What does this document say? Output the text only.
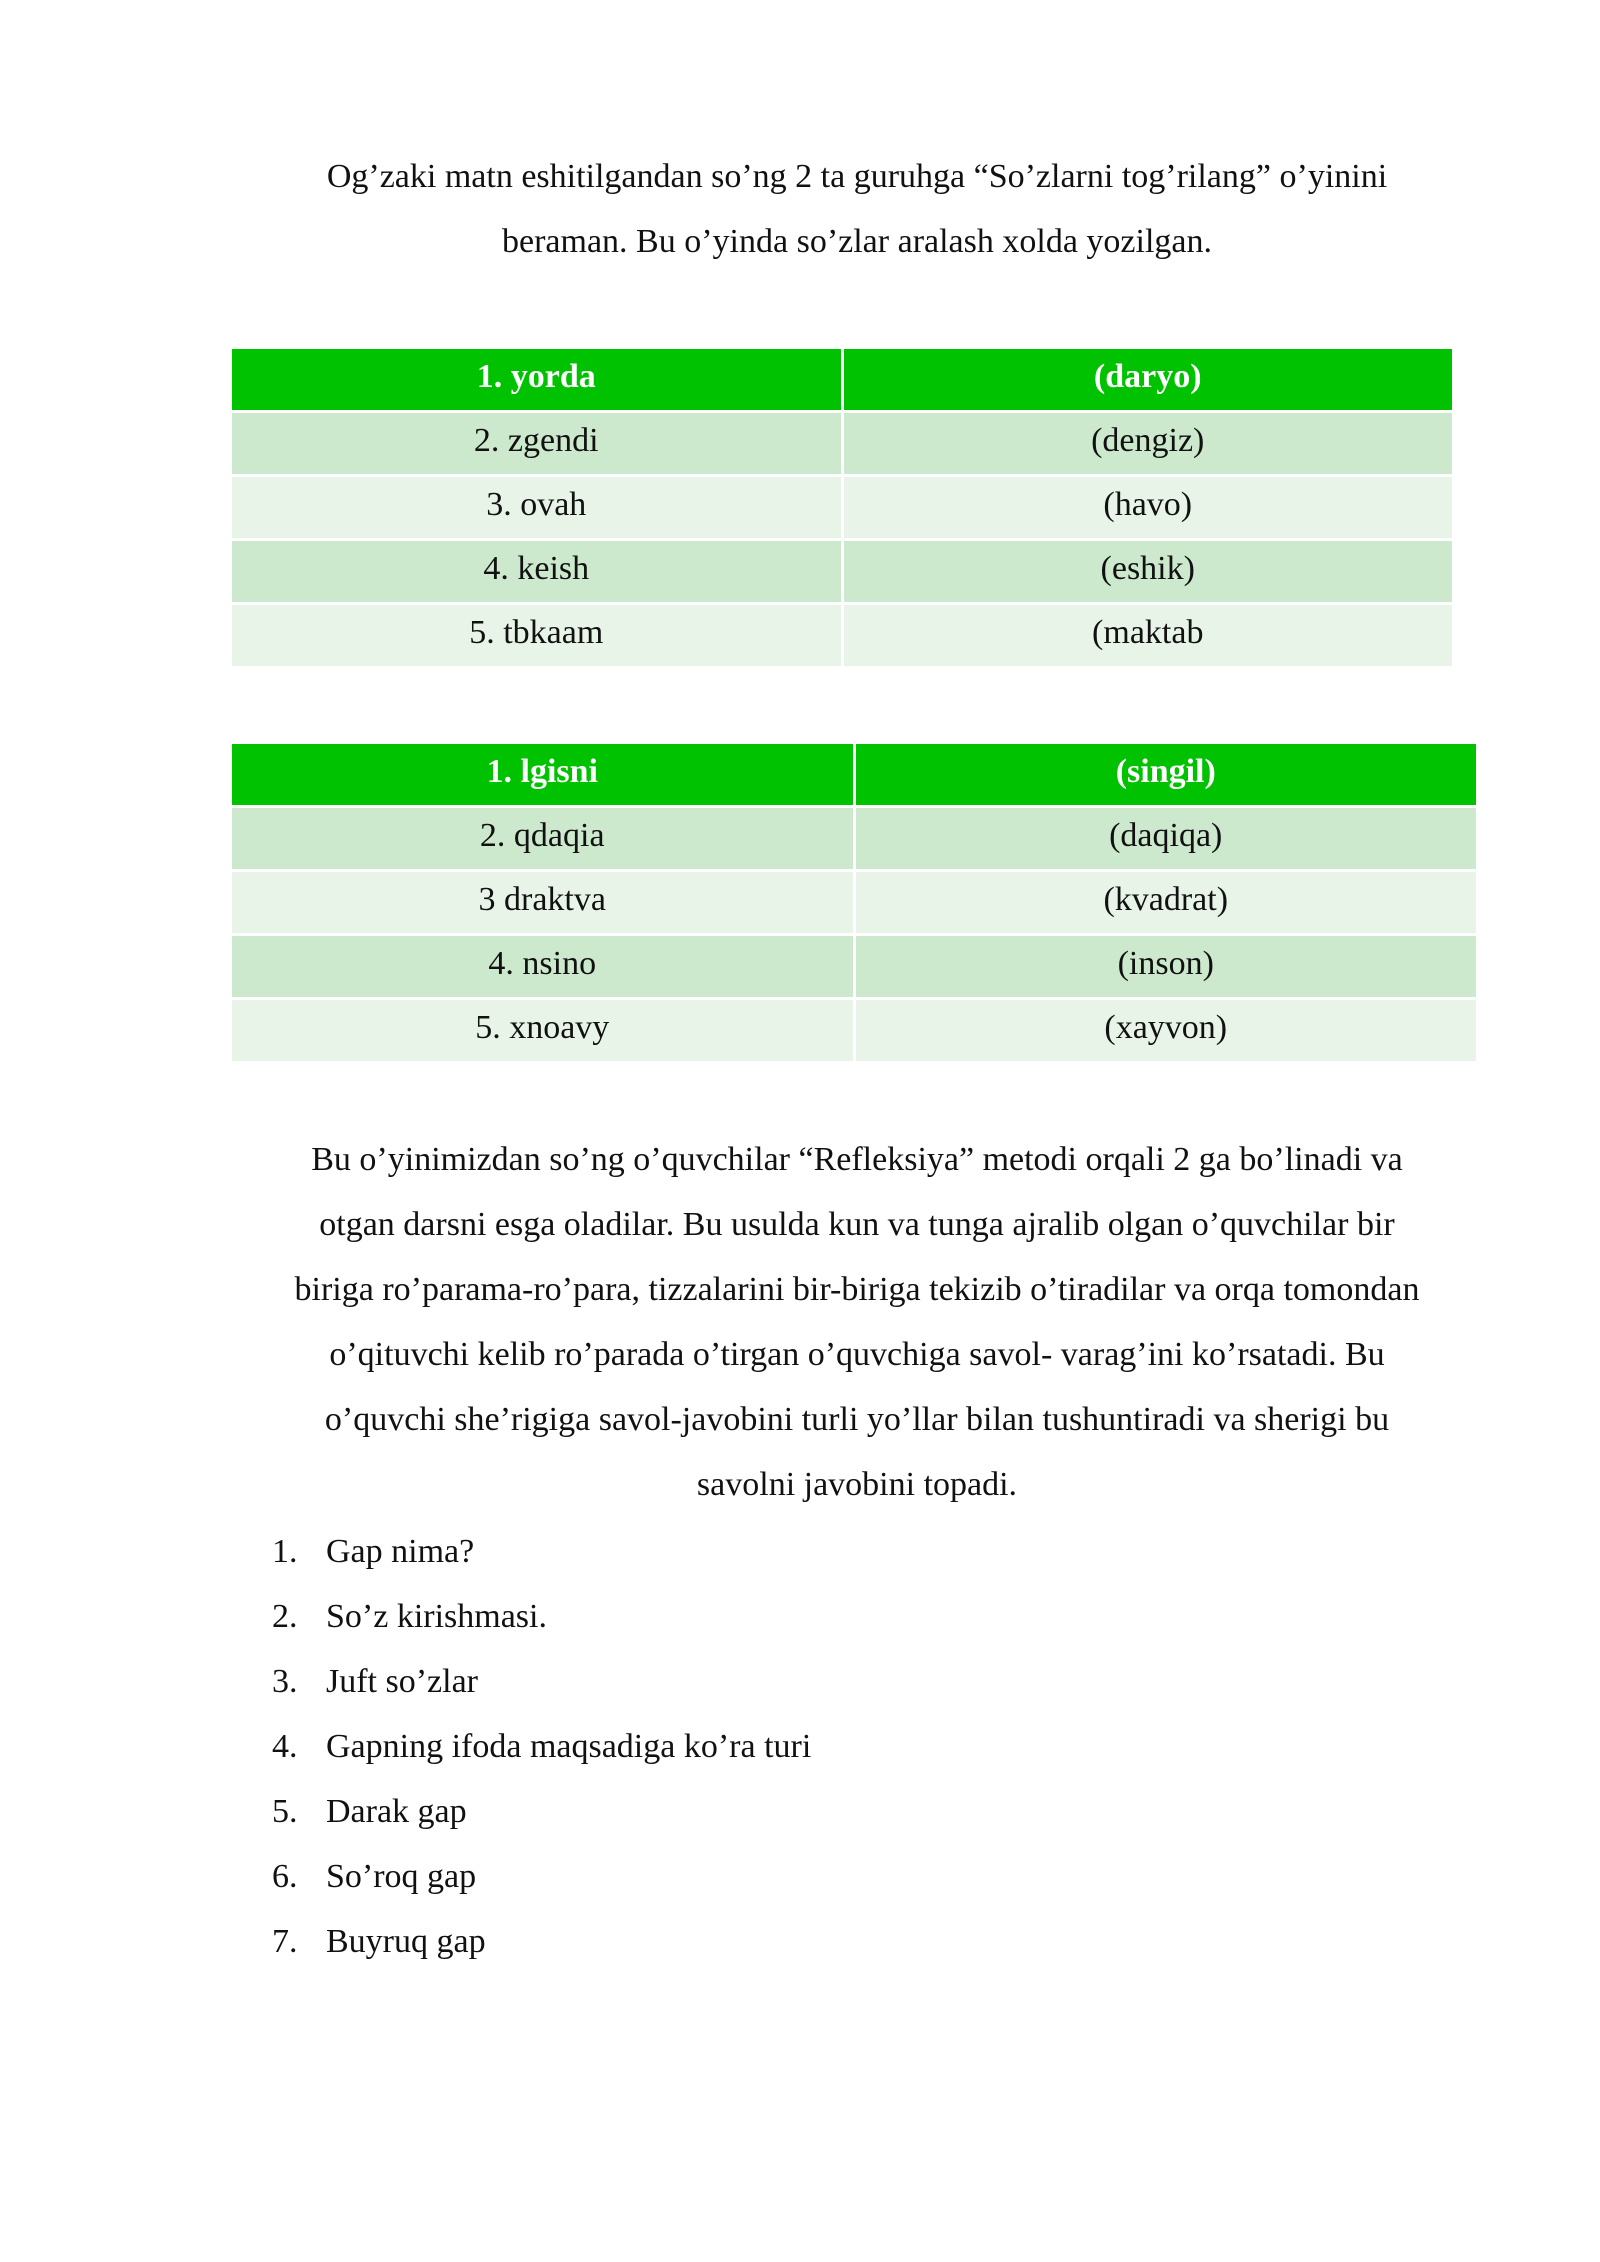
Og’zaki matn eshitilgandan so’ng 2 ta guruhga “So’zlarni tog’rilang” o’yinini
beraman. Bu o’yinda so’zlar aralash xolda yozilgan.
1. yorda	(daryo)
2. zgendi	(dengiz)
3. ovah	(havo)
4. keish	(eshik)
5. tbkaam	(maktab
1. lgisni	(singil)
2. qdaqia	(daqiqa)
3 draktva	(kvadrat)
4. nsino	(inson)
5. xnoavy	(xayvon)
Bu o’yinimizdan so’ng o’quvchilar “Refleksiya” metodi orqali 2 ga bo’linadi va
otgan darsni esga oladilar. Bu usulda kun va tunga ajralib olgan o’quvchilar bir
biriga ro’parama-ro’para, tizzalarini bir-biriga tekizib o’tiradilar va orqa tomondan
o’qituvchi kelib ro’parada o’tirgan o’quvchiga savol- varag’ini ko’rsatadi. Bu
o’quvchi she’rigiga savol-javobini turli yo’llar bilan tushuntiradi va sherigi bu
savolni javobini topadi.
1. Gap nima?
2. So’z kirishmasi.
3. Juft so’zlar
4. Gapning ifoda maqsadiga ko’ra turi
5. Darak gap
6. So’roq gap
7. Buyruq gap
